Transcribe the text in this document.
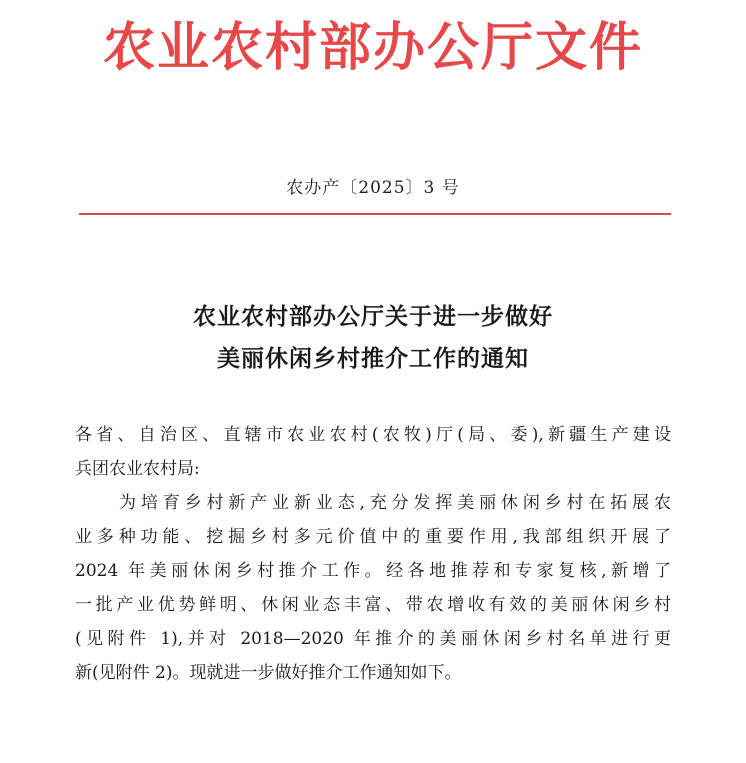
农业农村部办公厅文件
农办产〔2025〕3 号
农业农村部办公厅关于进一步做好
美丽休闲乡村推介工作的通知
各省、自治区、直辖市农业农村(农牧)厅(局、委),新疆生产建设
兵团农业农村局:
为培育乡村新产业新业态,充分发挥美丽休闲乡村在拓展农
业多种功能、挖掘乡村多元价值中的重要作用,我部组织开展了
2024 年美丽休闲乡村推介工作。经各地推荐和专家复核,新增了
一批产业优势鲜明、休闲业态丰富、带农增收有效的美丽休闲乡村
(见附件 1),并对 2018—2020 年推介的美丽休闲乡村名单进行更
新(见附件 2)。现就进一步做好推介工作通知如下。
